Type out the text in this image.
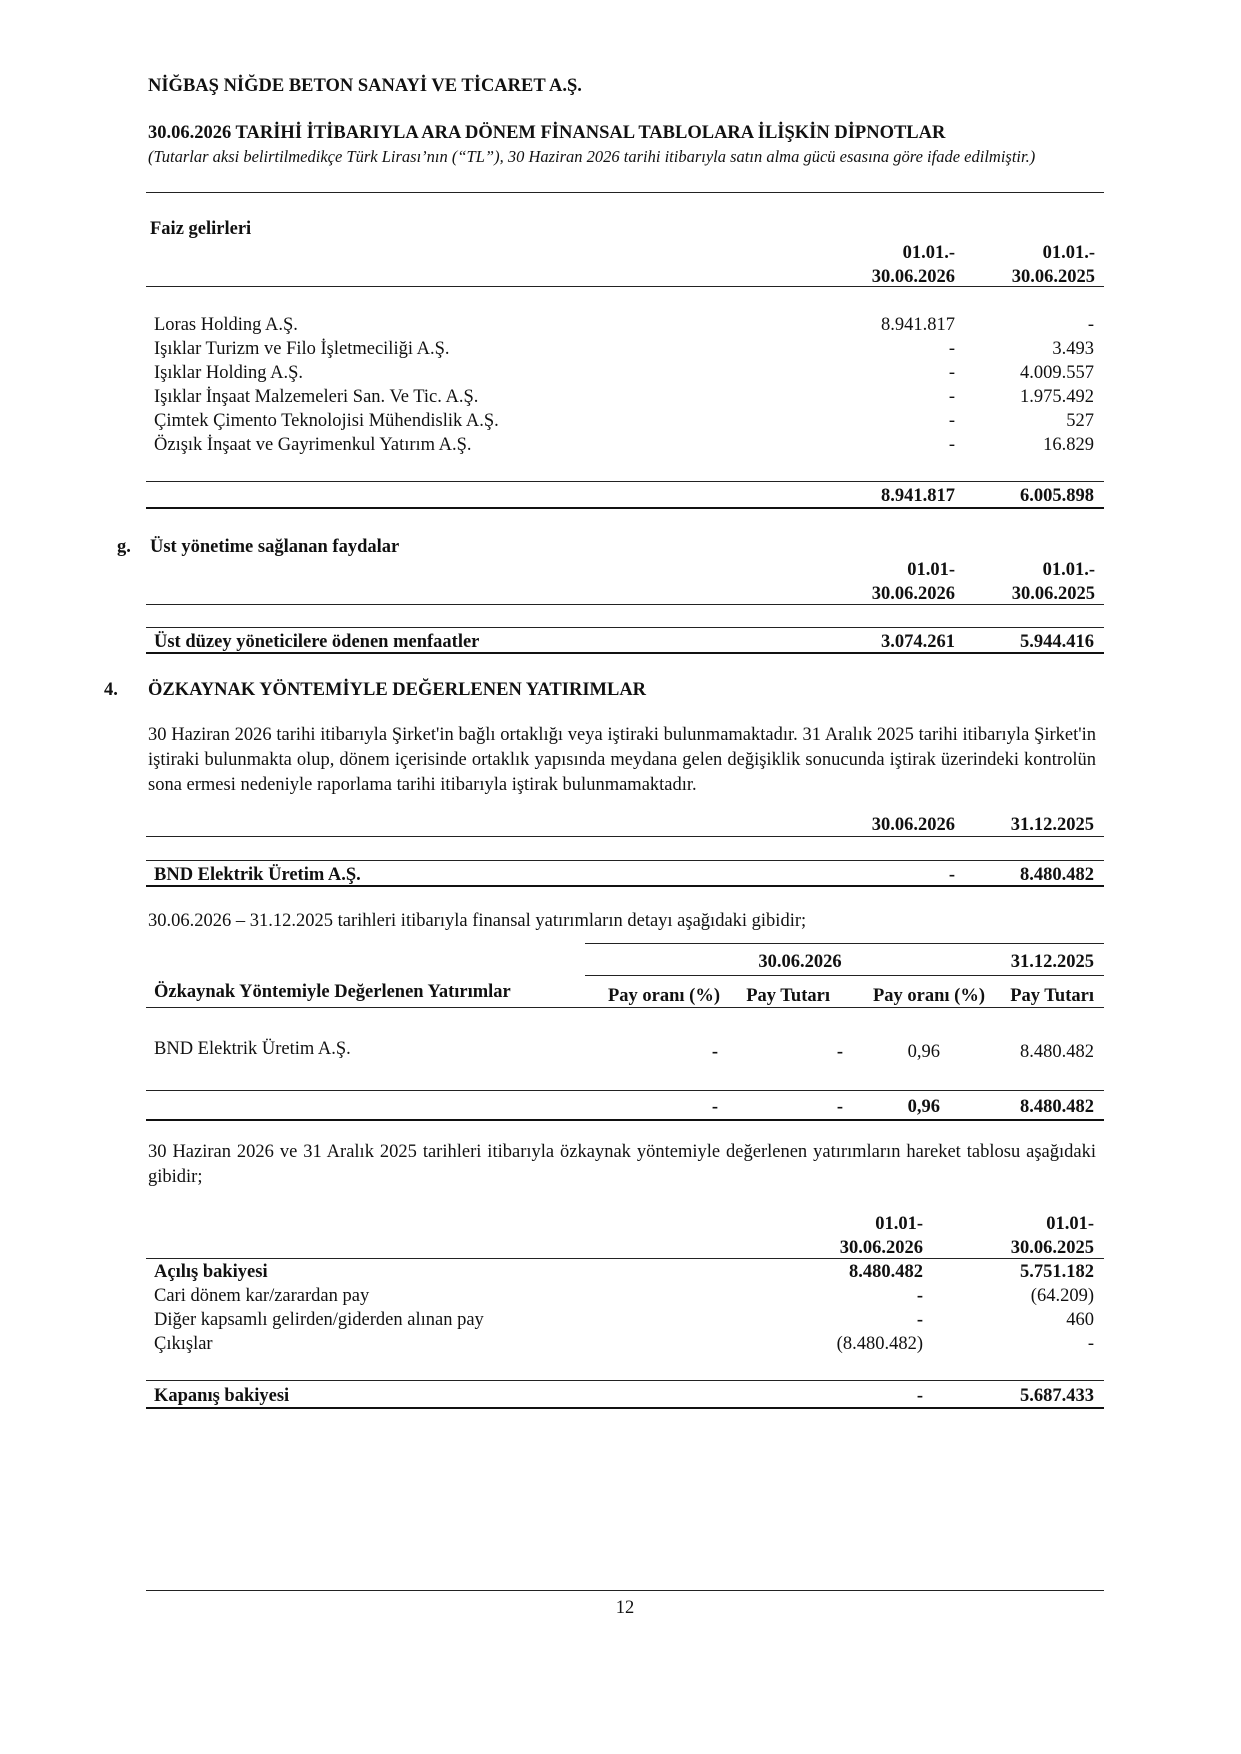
NİĞBAŞ NİĞDE BETON SANAYİ VE TİCARET A.Ş.
30.06.2026 TARİHİ İTİBARIYLA ARA DÖNEM FİNANSAL TABLOLARA İLİŞKİN DİPNOTLAR
(Tutarlar aksi belirtilmedikçe Türk Lirası’nın (“TL”), 30 Haziran 2026 tarihi itibarıyla satın alma gücü esasına göre ifade edilmiştir.)
Faiz gelirleri
01.01.-
30.06.2026
01.01.-
30.06.2025
Loras Holding A.Ş.	8.941.817	-
Işıklar Turizm ve Filo İşletmeciliği A.Ş.	-	3.493
Işıklar Holding A.Ş.	-	4.009.557
Işıklar İnşaat Malzemeleri San. Ve Tic. A.Ş.	-	1.975.492
Çimtek Çimento Teknolojisi Mühendislik A.Ş.	-	527
Özışık İnşaat ve Gayrimenkul Yatırım A.Ş.	-	16.829
8.941.817	6.005.898
g. Üst yönetime sağlanan faydalar
01.01-
30.06.2026
01.01.-
30.06.2025
Üst düzey yöneticilere ödenen menfaatler	3.074.261	5.944.416
4. ÖZKAYNAK YÖNTEMİYLE DEĞERLENEN YATIRIMLAR
30 Haziran 2026 tarihi itibarıyla Şirket'in bağlı ortaklığı veya iştiraki bulunmamaktadır. 31 Aralık 2025 tarihi itibarıyla Şirket'in iştiraki bulunmakta olup, dönem içerisinde ortaklık yapısında meydana gelen değişiklik sonucunda iştirak üzerindeki kontrolün sona ermesi nedeniyle raporlama tarihi itibarıyla iştirak bulunmamaktadır.
30.06.2026	31.12.2025
BND Elektrik Üretim A.Ş.	-	8.480.482
30.06.2026 – 31.12.2025 tarihleri itibarıyla finansal yatırımların detayı aşağıdaki gibidir;
30.06.2026	31.12.2025
Özkaynak Yöntemiyle Değerlenen Yatırımlar	Pay oranı (%)	Pay Tutarı	Pay oranı (%)	Pay Tutarı
BND Elektrik Üretim A.Ş.	-	-	0,96	8.480.482
-	-	0,96	8.480.482
30 Haziran 2026 ve 31 Aralık 2025 tarihleri itibarıyla özkaynak yöntemiyle değerlenen yatırımların hareket tablosu aşağıdaki gibidir;
01.01-
30.06.2026
01.01-
30.06.2025
Açılış bakiyesi	8.480.482	5.751.182
Cari dönem kar/zarardan pay	-	(64.209)
Diğer kapsamlı gelirden/giderden alınan pay	-	460
Çıkışlar	(8.480.482)	-
Kapanış bakiyesi	-	5.687.433
12
